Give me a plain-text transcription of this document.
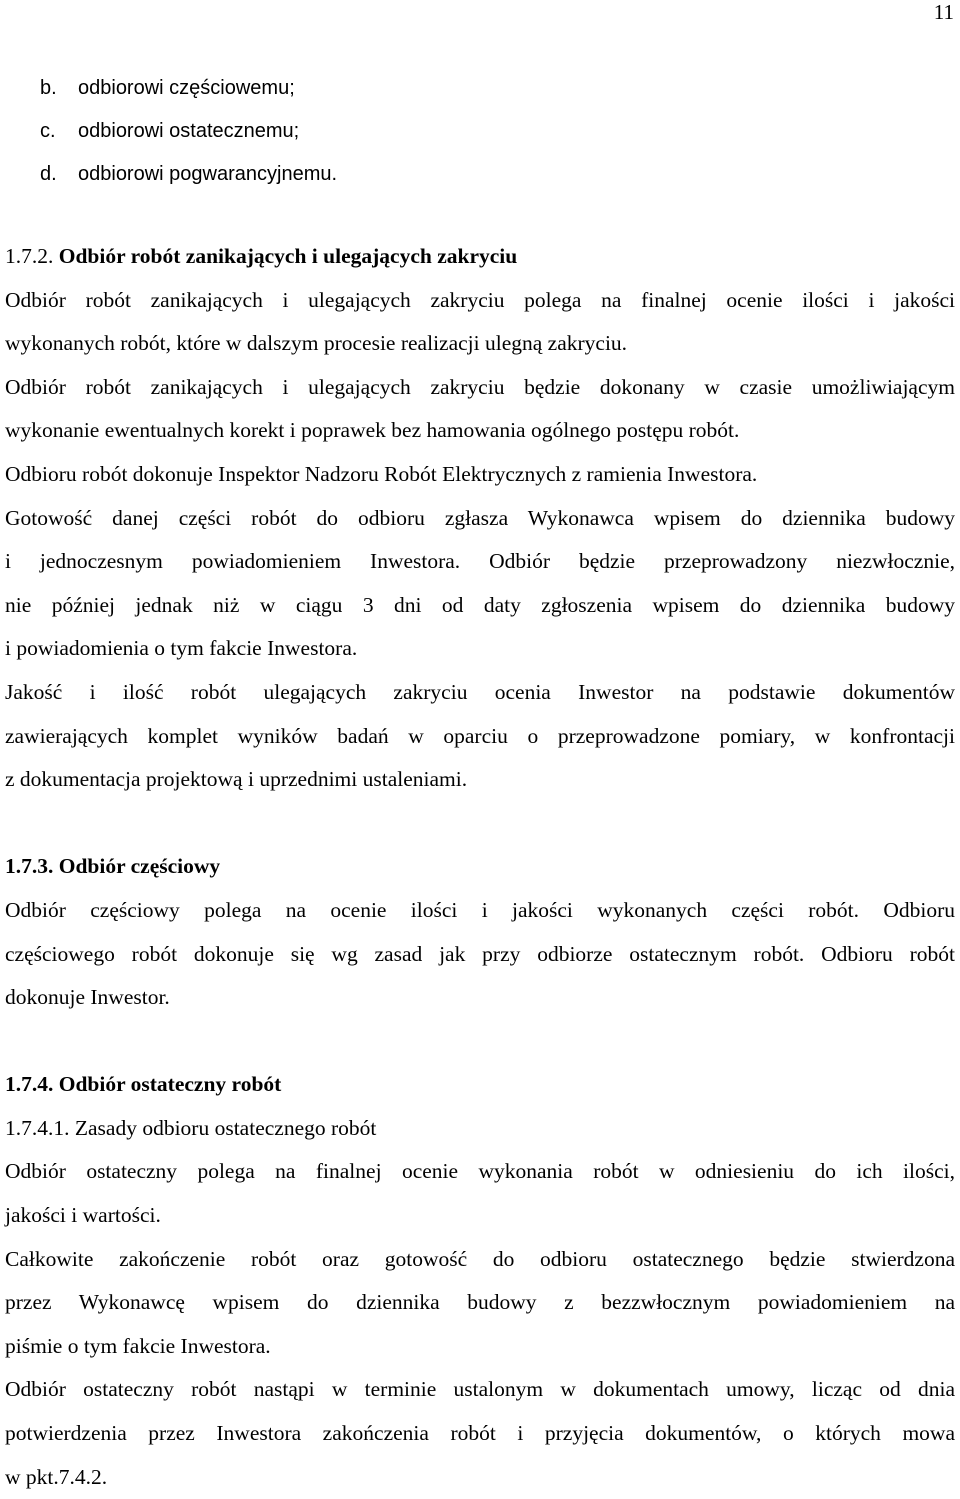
11
b. odbiorowi częściowemu;
c. odbiorowi ostatecznemu;
d. odbiorowi pogwarancyjnemu.
1.7.2. Odbiór robót zanikających i ulegających zakryciu
Odbiór robót zanikających i ulegających zakryciu polega na finalnej ocenie ilości i jakości
wykonanych robót, które w dalszym procesie realizacji ulegną zakryciu.
Odbiór robót zanikających i ulegających zakryciu będzie dokonany w czasie umożliwiającym
wykonanie ewentualnych korekt i poprawek bez hamowania ogólnego postępu robót.
Odbioru robót dokonuje Inspektor Nadzoru Robót Elektrycznych z ramienia Inwestora.
Gotowość danej części robót do odbioru zgłasza Wykonawca wpisem do dziennika budowy
i jednoczesnym powiadomieniem Inwestora. Odbiór będzie przeprowadzony niezwłocznie,
nie później jednak niż w ciągu 3 dni od daty zgłoszenia wpisem do dziennika budowy
i powiadomienia o tym fakcie Inwestora.
Jakość i ilość robót ulegających zakryciu ocenia Inwestor na podstawie dokumentów
zawierających komplet wyników badań w oparciu o przeprowadzone pomiary, w konfrontacji
z dokumentacja projektową i uprzednimi ustaleniami.
1.7.3. Odbiór częściowy
Odbiór częściowy polega na ocenie ilości i jakości wykonanych części robót. Odbioru
częściowego robót dokonuje się wg zasad jak przy odbiorze ostatecznym robót. Odbioru robót
dokonuje Inwestor.
1.7.4. Odbiór ostateczny robót
1.7.4.1. Zasady odbioru ostatecznego robót
Odbiór ostateczny polega na finalnej ocenie wykonania robót w odniesieniu do ich ilości,
jakości i wartości.
Całkowite zakończenie robót oraz gotowość do odbioru ostatecznego będzie stwierdzona
przez Wykonawcę wpisem do dziennika budowy z bezzwłocznym powiadomieniem na
piśmie o tym fakcie Inwestora.
Odbiór ostateczny robót nastąpi w terminie ustalonym w dokumentach umowy, licząc od dnia
potwierdzenia przez Inwestora zakończenia robót i przyjęcia dokumentów, o których mowa
w pkt.7.4.2.
